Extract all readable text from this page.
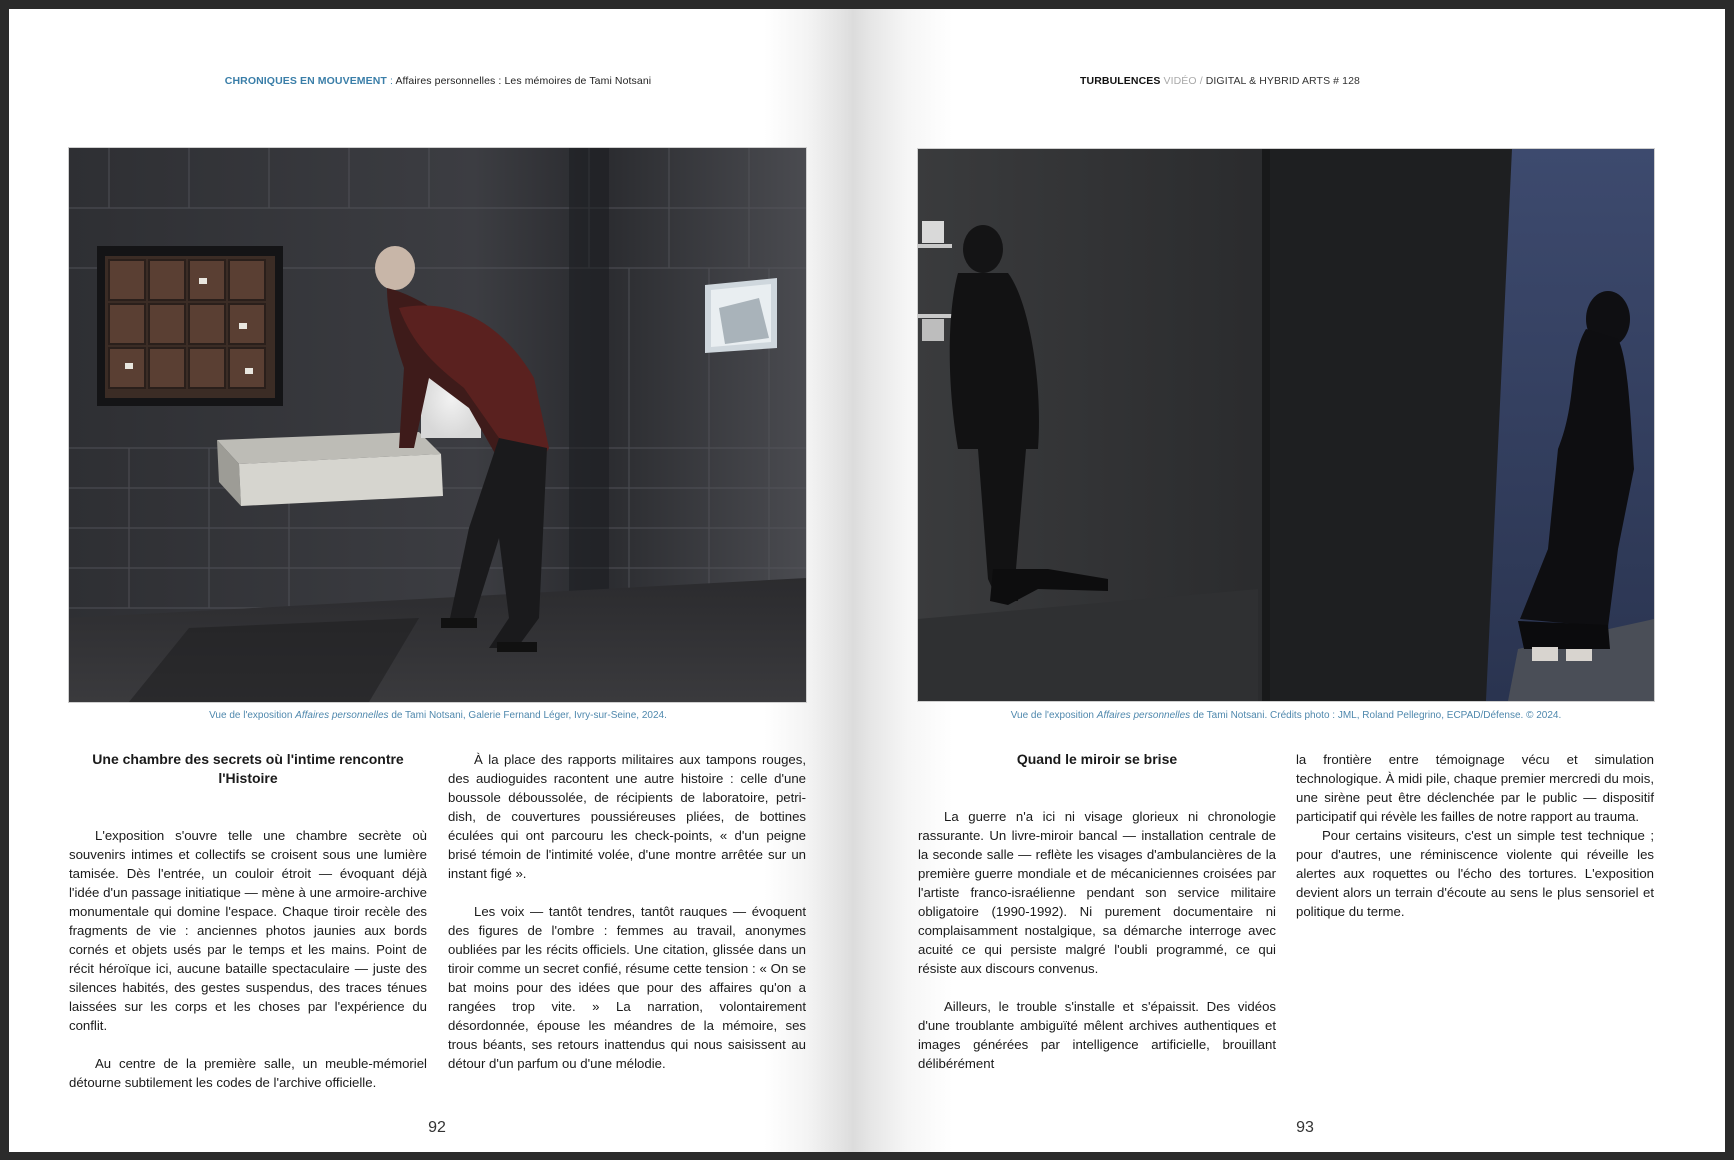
CHRONIQUES EN MOUVEMENT : Affaires personnelles : Les mémoires de Tami Notsani
Vue de l'exposition Affaires personnelles de Tami Notsani, Galerie Fernand Léger, Ivry-sur-Seine, 2024.
Une chambre des secrets où l'intime rencontre l'Histoire

L'exposition s'ouvre telle une chambre secrète où souvenirs intimes et collectifs se croisent sous une lumière tamisée. Dès l'entrée, un couloir étroit — évoquant déjà l'idée d'un passage initiatique — mène à une armoire-archive monumentale qui domine l'espace. Chaque tiroir recèle des fragments de vie : anciennes photos jaunies aux bords cornés et objets usés par le temps et les mains. Point de récit héroïque ici, aucune bataille spectaculaire — juste des silences habités, des gestes suspendus, des traces ténues laissées sur les corps et les choses par l'expérience du conflit.

Au centre de la première salle, un meuble-mémoriel détourne subtilement les codes de l'archive officielle.

À la place des rapports militaires aux tampons rouges, des audioguides racontent une autre histoire : celle d'une boussole déboussolée, de récipients de laboratoire, petri-dish, de couvertures poussiéreuses pliées, de bottines éculées qui ont parcouru les check-points, « d'un peigne brisé témoin de l'intimité volée, d'une montre arrêtée sur un instant figé ».

Les voix — tantôt tendres, tantôt rauques — évoquent des figures de l'ombre : femmes au travail, anonymes oubliées par les récits officiels. Une citation, glissée dans un tiroir comme un secret confié, résume cette tension : « On se bat moins pour des idées que pour des affaires qu'on a rangées trop vite. » La narration, volontairement désordonnée, épouse les méandres de la mémoire, ses trous béants, ses retours inattendus qui nous saisissent au détour d'un parfum ou d'une mélodie.

92
TURBULENCES VIDÉO / DIGITAL & HYBRID ARTS # 128
Vue de l'exposition Affaires personnelles de Tami Notsani. Crédits photo : JML, Roland Pellegrino, ECPAD/Défense. © 2024.
Quand le miroir se brise

La guerre n'a ici ni visage glorieux ni chronologie rassurante. Un livre-miroir bancal — installation centrale de la seconde salle — reflète les visages d'ambulancières de la première guerre mondiale et de mécaniciennes croisées par l'artiste franco-israélienne pendant son service militaire obligatoire (1990-1992). Ni purement documentaire ni complaisamment nostalgique, sa démarche interroge avec acuité ce qui persiste malgré l'oubli programmé, ce qui résiste aux discours convenus.

Ailleurs, le trouble s'installe et s'épaissit. Des vidéos d'une troublante ambiguïté mêlent archives authentiques et images générées par intelligence artificielle, brouillant délibérément

la frontière entre témoignage vécu et simulation technologique. À midi pile, chaque premier mercredi du mois, une sirène peut être déclenchée par le public — dispositif participatif qui révèle les failles de notre rapport au trauma.

Pour certains visiteurs, c'est un simple test technique ; pour d'autres, une réminiscence violente qui réveille les alertes aux roquettes ou l'écho des tortures. L'exposition devient alors un terrain d'écoute au sens le plus sensoriel et politique du terme.

93
